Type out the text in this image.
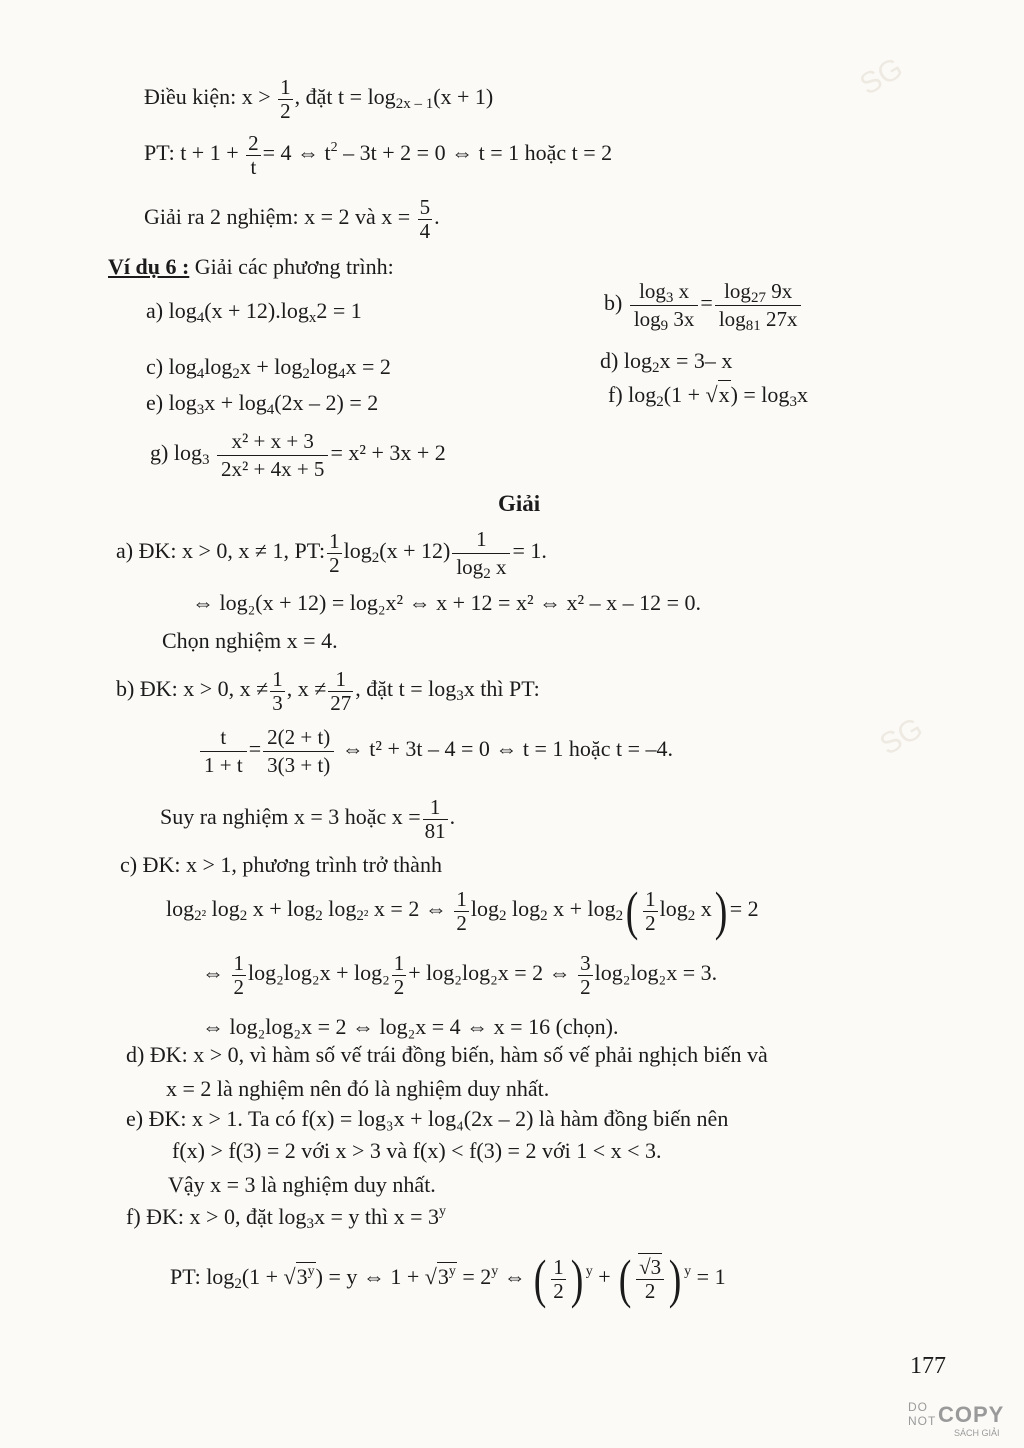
SG
SG
Điều kiện: $x > \frac{1}{2}$ , đặt $t = \log_{2x - 1}(x + 1)$
PT: $t + 1 + \frac{2}{t} = 4$ ⇔ $t^2 - 3t + 2 = 0$ ⇔ t = 1 hoặc t = 2
Giải ra 2 nghiệm: x = 2 và $x = \frac{5}{4}$ .
Ví dụ 6 : Giải các phương trình:
a) $\log_4(x + 12).\log_x2 = 1$	$b) \frac{\log_3 x}{\log_9 3x} = \frac{\log_{27} 9x}{\log_{81} 27x}$
c) $\log_4\log_2x + \log_2\log_4x = 2$	d) $\log_2x = 3-$ x
e) $\log_3x + \log_4(2x - 2) = 2$	f) $\log_2(1 + √x) = \log_3x$
g) $\log_3 \frac{\text{x² + x + 3}}{\text{2x² + 4x + 5}} = x^2 + 3x + 2$
Giải
a) ĐK: x > 0, x ≠ 1, PT: $\frac{1}{2} \log_2(x + 12) \frac{1}{\log_2 x} = 1$.
⇔ log₂(x + 12) = log₂x² ⇔ x + 12 = x² ⇔ x² – x – 12 = 0.
Chọn nghiệm x = 4.
b) ĐK: x > 0, $x \ne \frac{1}{3}$ , $x \ne \frac{1}{27}$ , đặt $t = \log_3x$ thì PT:
$\frac{t}{1 + t} = \frac{2(2 + t)}{3(3 + t)}$ ⇔ t² + 3t – 4 = 0 ⇔ t = 1 hoặc t = –4.
Suy ra nghiệm x = 3 hoặc $x = \frac{1}{81}$ .
c) ĐK: x > 1, phương trình trở thành
$\log_{2^2} \log_2 x + \log_2 \log_{2^2} x = 2$ ⇔ $\frac{1}{2} \log_2 \log_2 x + \log_2( \frac{1}{2} \log_2 x) = 2$
⇔ $\frac{1}{2} \log_2\log_2x + \log_2 \frac{1}{2} + \log_2\log_2x = 2$ ⇔ $\frac{3}{2} \log_2\log_2x = 3$.
⇔ log₂log₂x = 2 ⇔ log₂x = 4 ⇔ x = 16 (chọn).
d) ĐK: x > 0, vì hàm số vế trái đồng biến, hàm số vế phải nghịch biến và
x = 2 là nghiệm nên đó là nghiệm duy nhất.
e) ĐK: x > 1. Ta có f(x) = log₃x + log₄(2x – 2) là hàm đồng biến nên
f(x) > f(3) = 2 với x > 3 và f(x) < f(3) = 2 với 1 < x < 3.
Vậy x = 3 là nghiệm duy nhất.
f) ĐK: x > 0, đặt $\log_3x = y$ thì $x = 3^y$
PT: $\log_2(1 + √3^y) = y$ ⇔ $1 + √3^y = 2^y$ ⇔ ( $\frac{1}{2}$ ) $^y$ + ( $\frac{√3}{2}$ ) $^y$ = 1
177
DO
NOT COPY
SÁCH GIẢI
